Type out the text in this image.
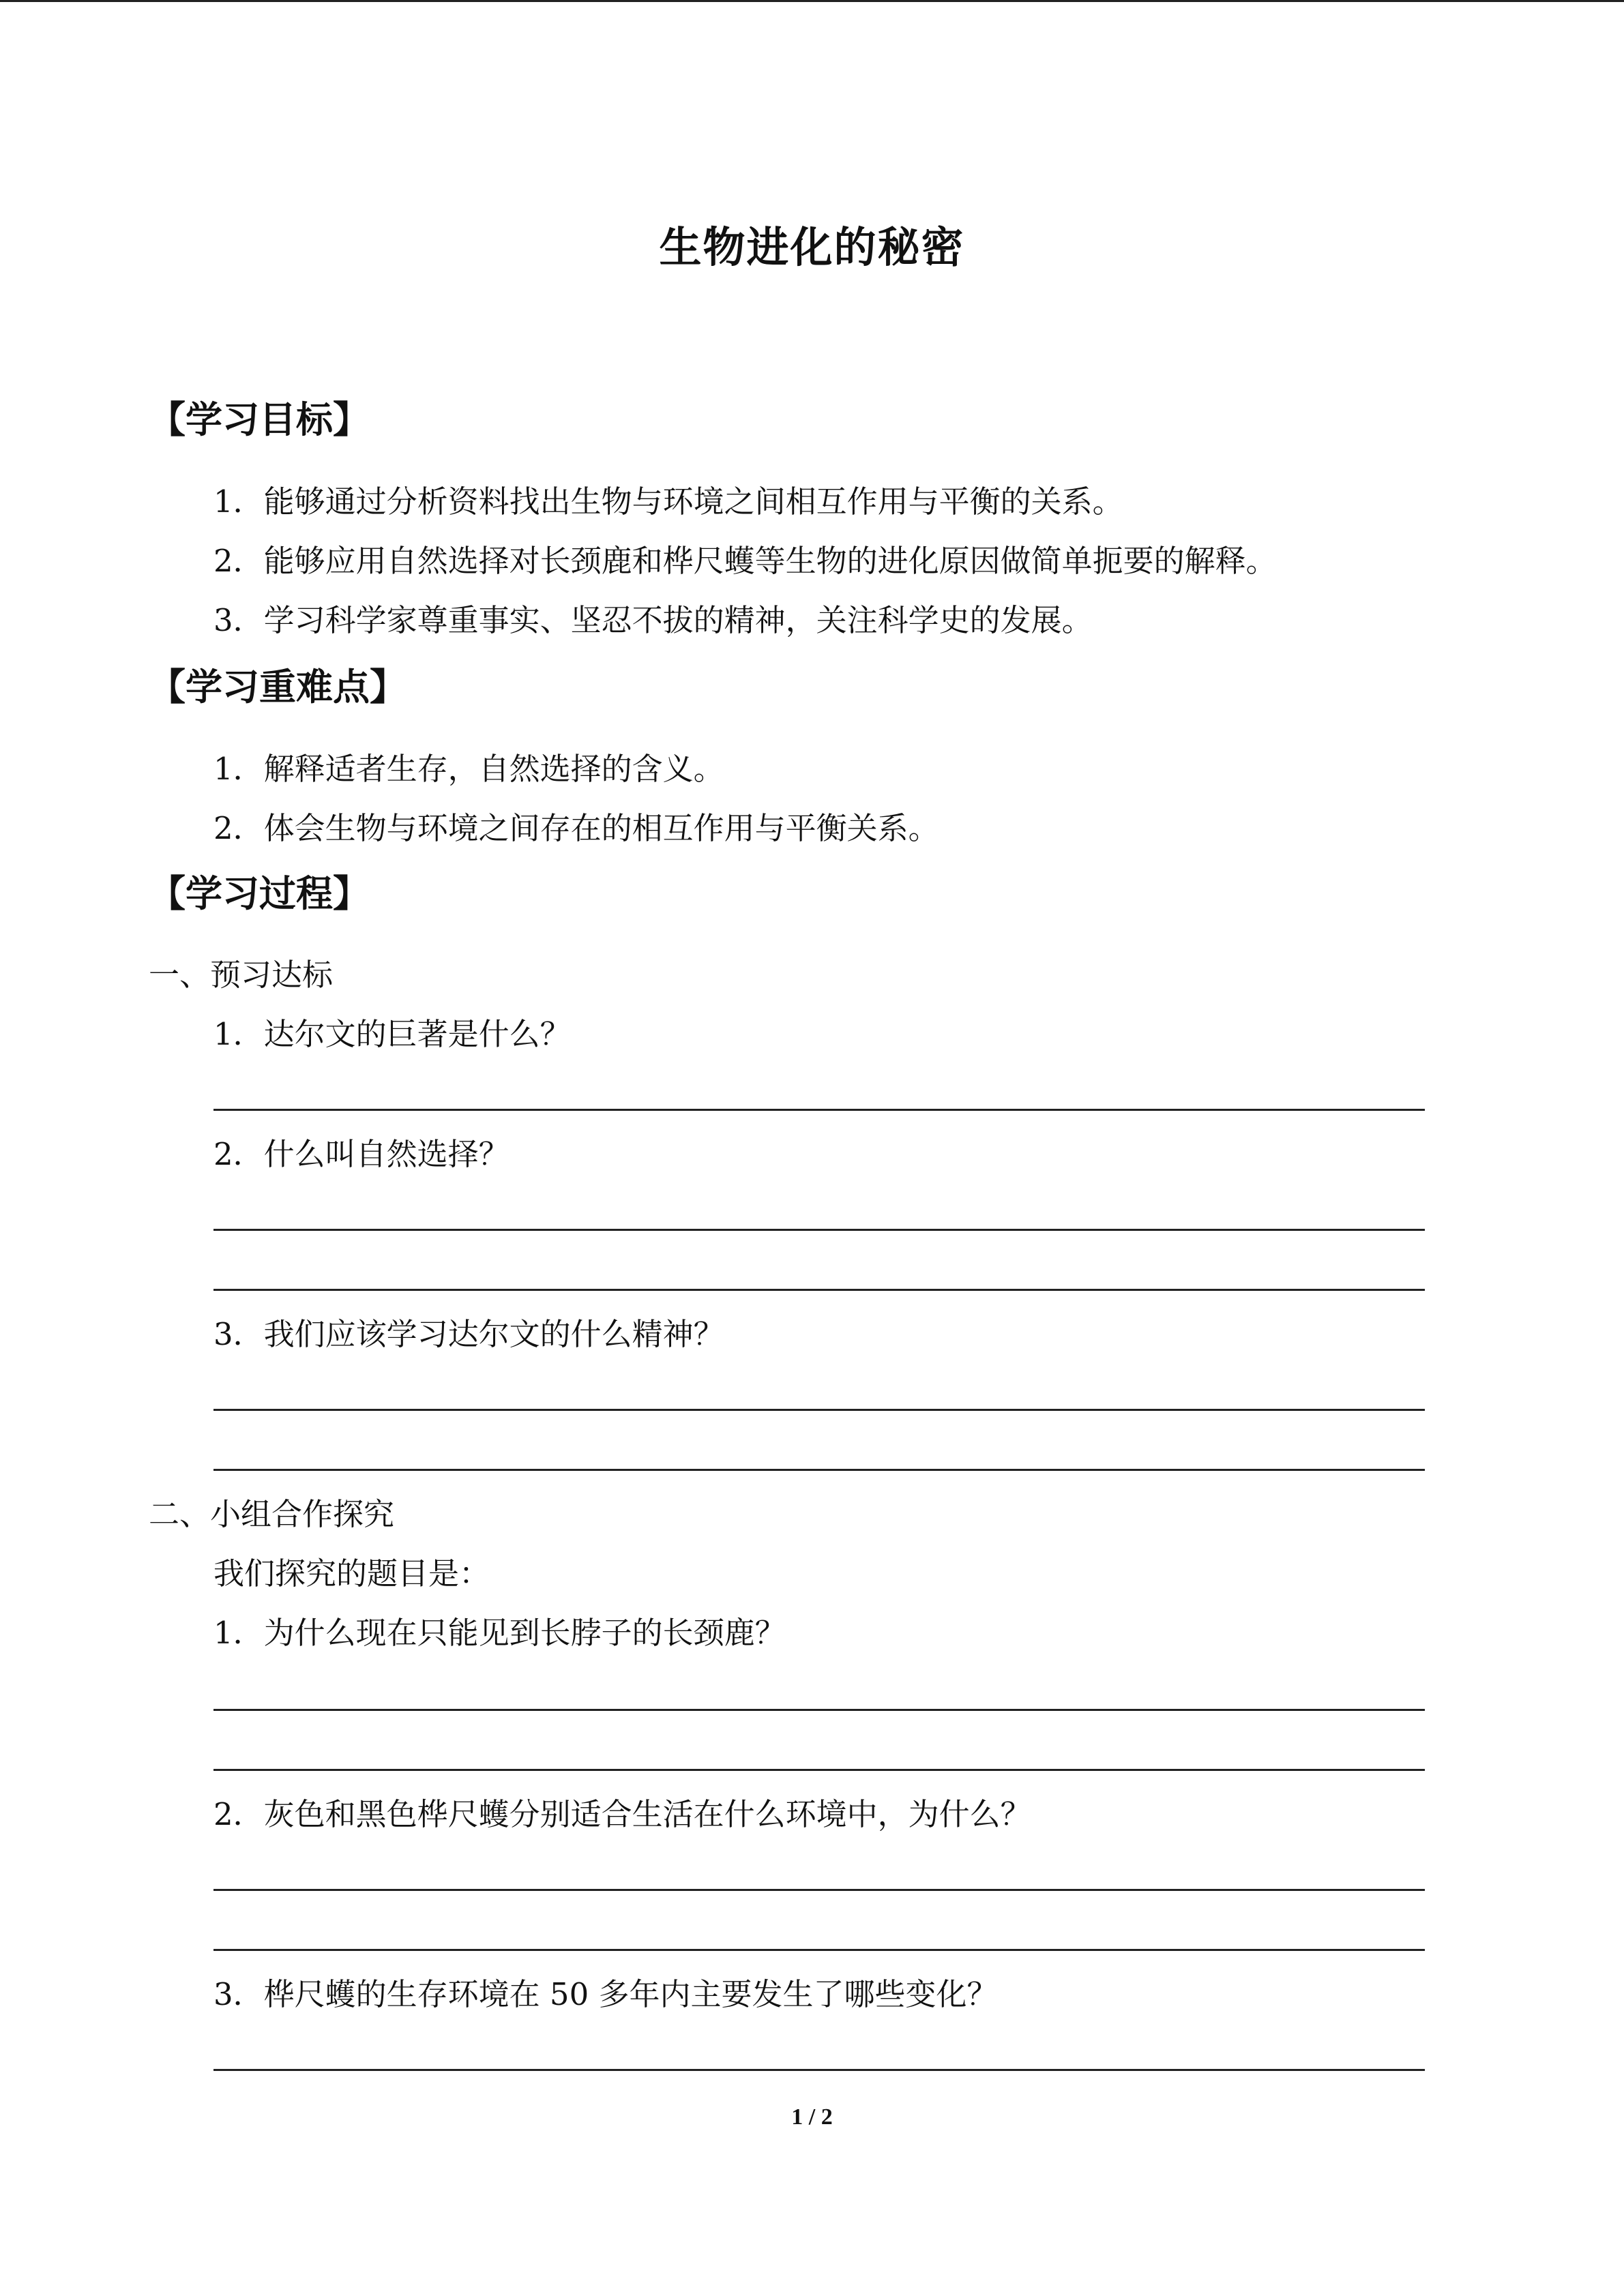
生物进化的秘密
【学习目标】
1．能够通过分析资料找出生物与环境之间相互作用与平衡的关系。
2．能够应用自然选择对长颈鹿和桦尺蠖等生物的进化原因做简单扼要的解释。
3．学习科学家尊重事实、坚忍不拔的精神，关注科学史的发展。
【学习重难点】
1．解释适者生存，自然选择的含义。
2．体会生物与环境之间存在的相互作用与平衡关系。
【学习过程】
一、预习达标
1．达尔文的巨著是什么？
2．什么叫自然选择？
3．我们应该学习达尔文的什么精神？
二、小组合作探究
我们探究的题目是：
1．为什么现在只能见到长脖子的长颈鹿？
2．灰色和黑色桦尺蠖分别适合生活在什么环境中，为什么？
3．桦尺蠖的生存环境在 50 多年内主要发生了哪些变化？
1 / 2
